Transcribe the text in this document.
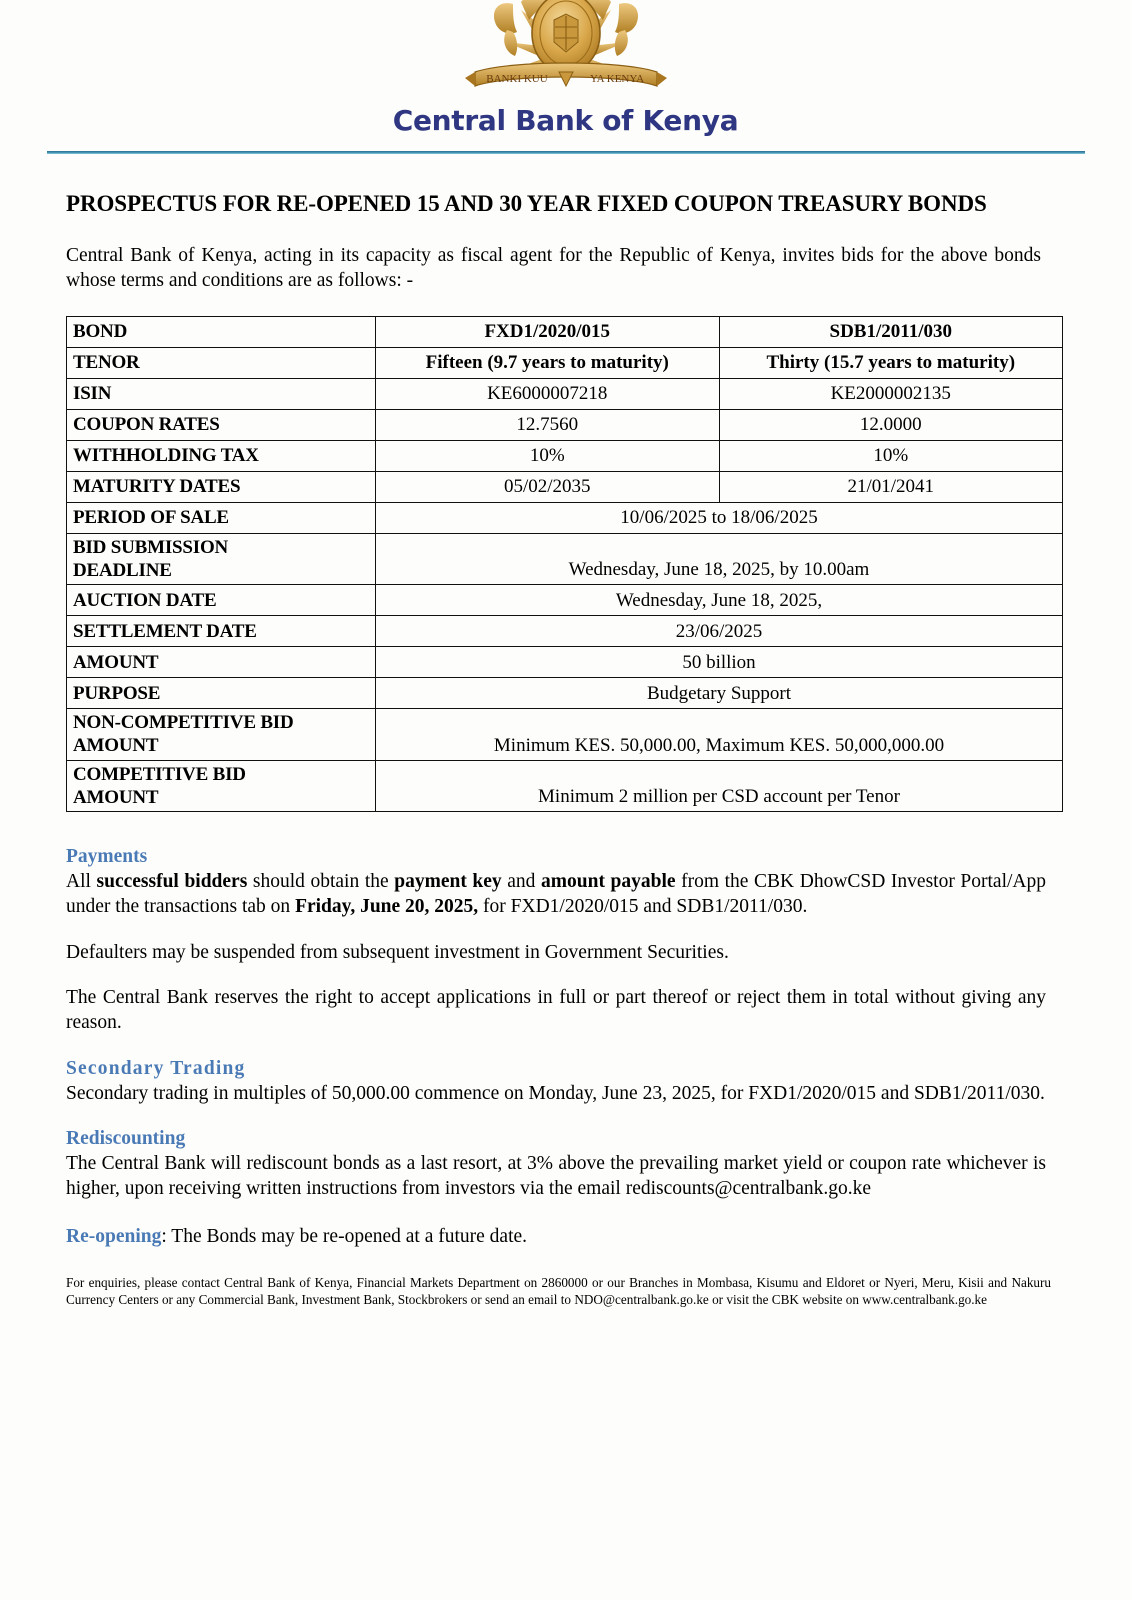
BANKI KUU	YA KENYA
Central Bank of Kenya
PROSPECTUS FOR RE-OPENED 15 AND 30 YEAR FIXED COUPON TREASURY BONDS

Central Bank of Kenya, acting in its capacity as fiscal agent for the Republic of Kenya, invites bids for the above bonds whose terms and conditions are as follows: -

BOND	FXD1/2020/015	SDB1/2011/030
TENOR	Fifteen (9.7 years to maturity)	Thirty (15.7 years to maturity)
ISIN	KE6000007218	KE2000002135
COUPON RATES	12.7560	12.0000
WITHHOLDING TAX	10%	10%
MATURITY DATES	05/02/2035	21/01/2041
PERIOD OF SALE	10/06/2025 to 18/06/2025	
BID SUBMISSION
DEADLINE	Wednesday, June 18, 2025, by 10.00am	

AUCTION DATE	Wednesday, June 18, 2025,	
SETTLEMENT DATE	23/06/2025	
AMOUNT	50 billion	
PURPOSE	Budgetary Support	
NON-COMPETITIVE BID
AMOUNT	Minimum KES. 50,000.00, Maximum KES. 50,000,000.00	

COMPETITIVE BID
AMOUNT	Minimum 2 million per CSD account per Tenor	
Payments

All successful bidders should obtain the payment key and amount payable from the CBK DhowCSD Investor Portal/App under the transactions tab on Friday, June 20, 2025, for FXD1/2020/015 and SDB1/2011/030.

Defaulters may be suspended from subsequent investment in Government Securities.

The Central Bank reserves the right to accept applications in full or part thereof or reject them in total without giving any reason.

Secondary Trading

Secondary trading in multiples of 50,000.00 commence on Monday, June 23, 2025, for FXD1/2020/015 and SDB1/2011/030.

Rediscounting

The Central Bank will rediscount bonds as a last resort, at 3% above the prevailing market yield or coupon rate whichever is higher, upon receiving written instructions from investors via the email rediscounts@centralbank.go.ke

Re-opening: The Bonds may be re-opened at a future date.

For enquiries, please contact Central Bank of Kenya, Financial Markets Department on 2860000 or our Branches in Mombasa, Kisumu and Eldoret or Nyeri, Meru, Kisii and Nakuru Currency Centers or any Commercial Bank, Investment Bank, Stockbrokers or send an email to NDO@centralbank.go.ke or visit the CBK website on www.centralbank.go.ke
